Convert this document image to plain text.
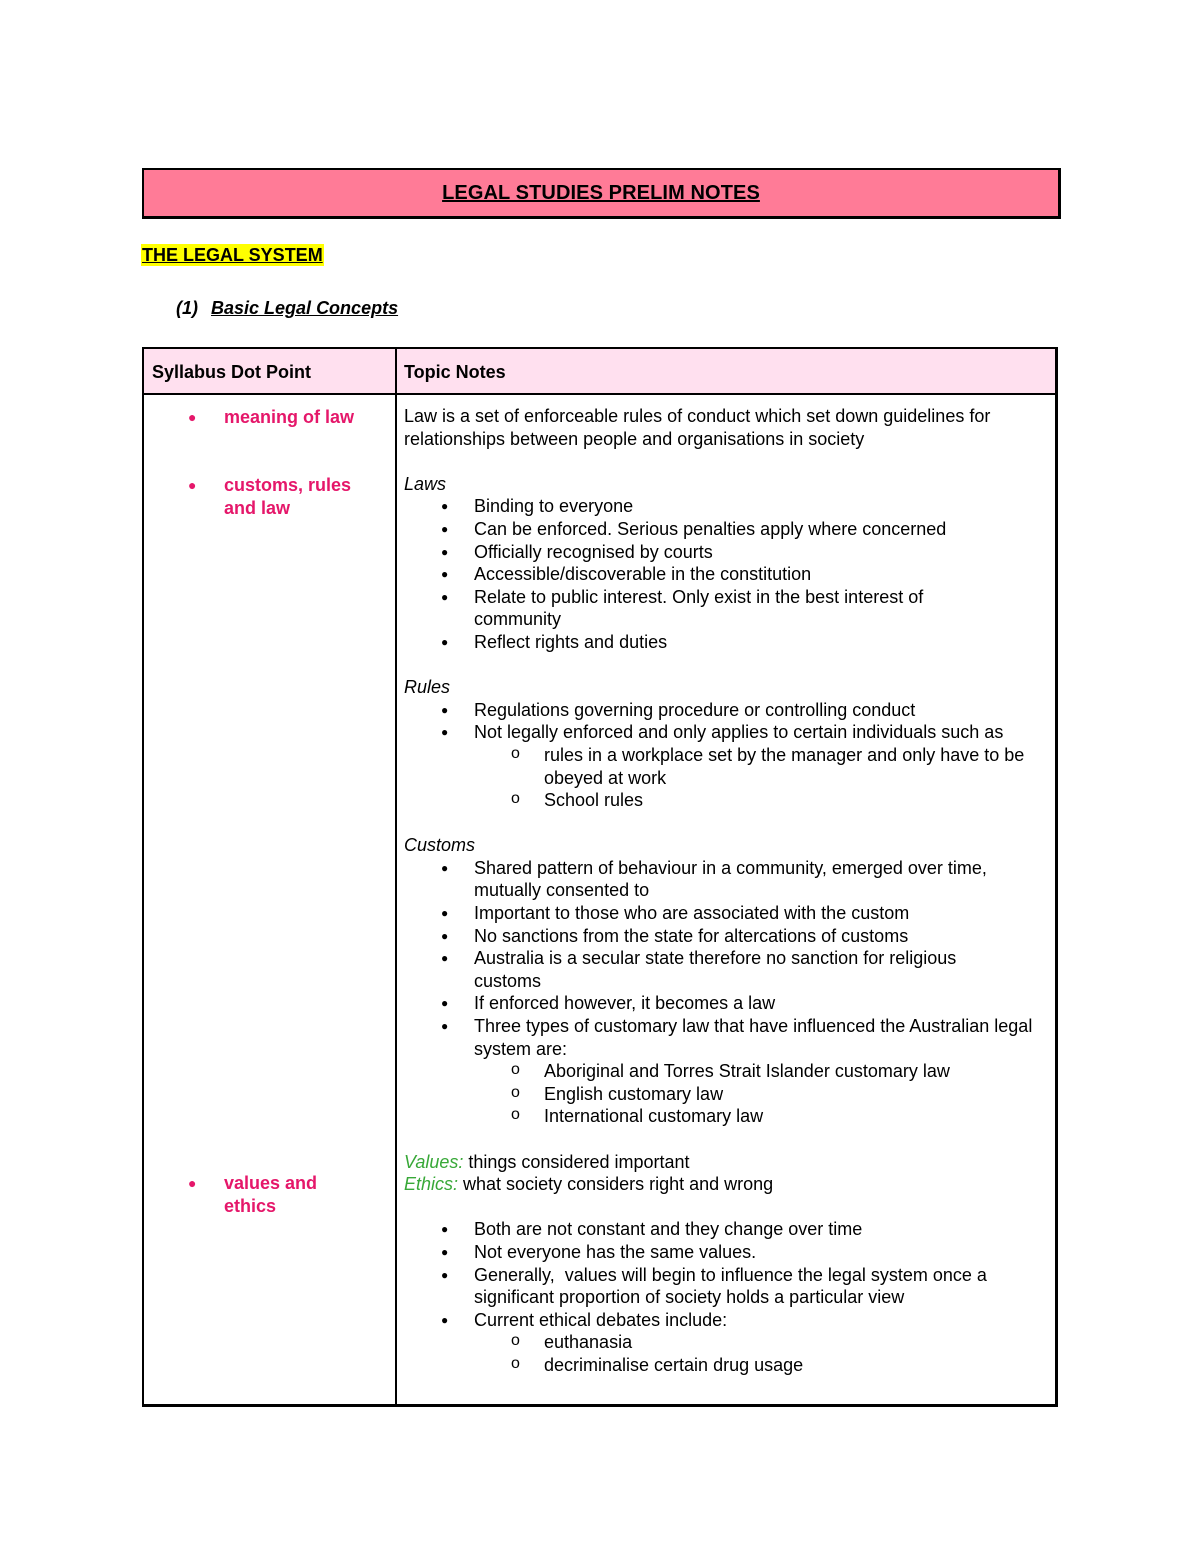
LEGAL STUDIES PRELIM NOTES
THE LEGAL SYSTEM
(1) Basic Legal Concepts
Syllabus Dot Point	Topic Notes
● meaning of law
● customs, rules and law
● values and ethics

Law is a set of enforceable rules of conduct which set down guidelines for relationships between people and organisations in society

Laws

● Binding to everyone
● Can be enforced. Serious penalties apply where concerned
● Officially recognised by courts
● Accessible/discoverable in the constitution
● Relate to public interest. Only exist in the best interest of community
● Reflect rights and duties

Rules

● Regulations governing procedure or controlling conduct
● Not legally enforced and only applies to certain individuals such as
o rules in a workplace set by the manager and only have to be obeyed at work
o School rules

Customs

● Shared pattern of behaviour in a community, emerged over time, mutually consented to
● Important to those who are associated with the custom
● No sanctions from the state for altercations of customs
● Australia is a secular state therefore no sanction for religious customs
● If enforced however, it becomes a law
● Three types of customary law that have influenced the Australian legal system are:
o Aboriginal and Torres Strait Islander customary law
o English customary law
o International customary law

Values: things considered important

Ethics: what society considers right and wrong

● Both are not constant and they change over time
● Not everyone has the same values.
● Generally,  values will begin to influence the legal system once a significant proportion of society holds a particular view
● Current ethical debates include:
o euthanasia
o decriminalise certain drug usage
